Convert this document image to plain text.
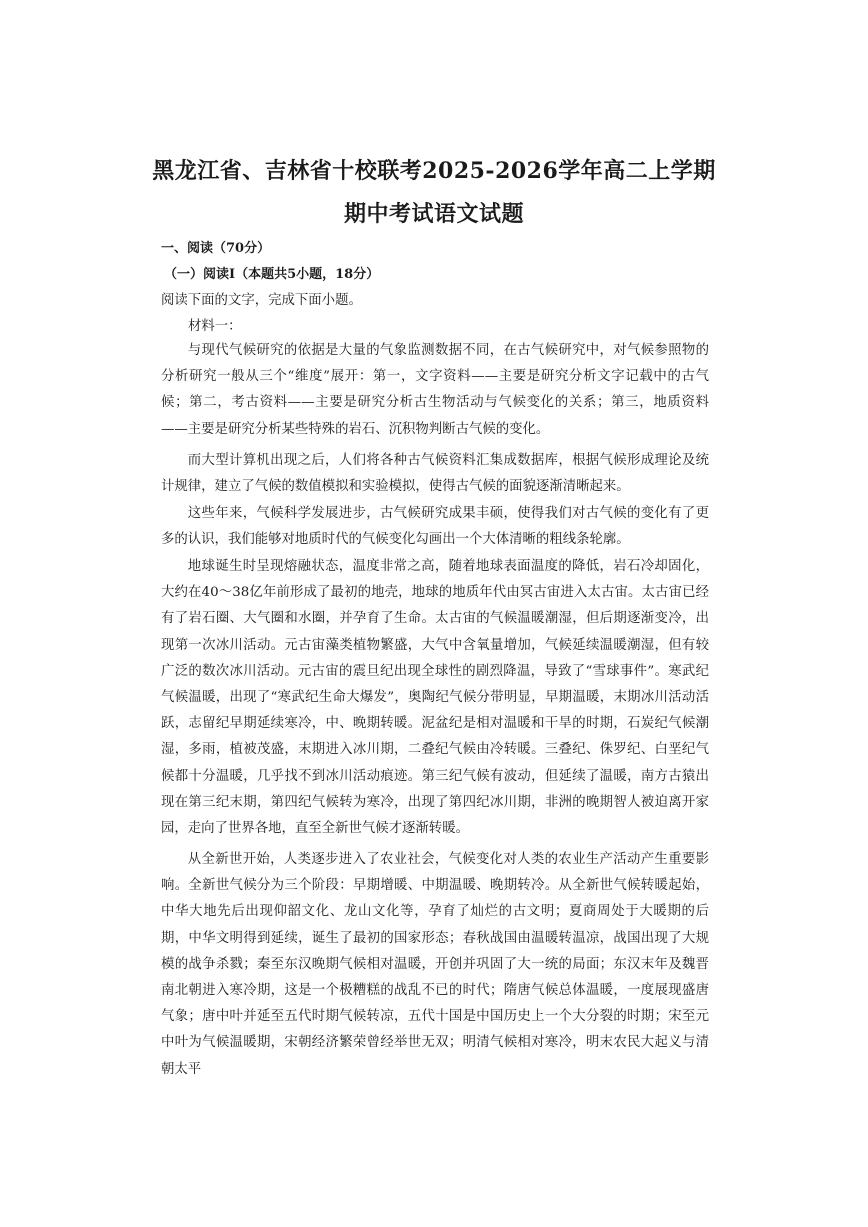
黑龙江省、吉林省十校联考2025-2026学年高二上学期
期中考试语文试题
一、阅读（70分）
（一）阅读Ⅰ（本题共5小题，18分）
阅读下面的文字，完成下面小题。
材料一：

与现代气候研究的依据是大量的气象监测数据不同，在古气候研究中，对气候参照物的分析研究一般从三个“维度”展开：第一，文字资料——主要是研究分析文字记载中的古气候；第二，考古资料——主要是研究分析古生物活动与气候变化的关系；第三，地质资料——主要是研究分析某些特殊的岩石、沉积物判断古气候的变化。

而大型计算机出现之后，人们将各种古气候资料汇集成数据库，根据气候形成理论及统计规律，建立了气候的数值模拟和实验模拟，使得古气候的面貌逐渐清晰起来。

这些年来，气候科学发展进步，古气候研究成果丰硕，使得我们对古气候的变化有了更多的认识，我们能够对地质时代的气候变化勾画出一个大体清晰的粗线条轮廓。

地球诞生时呈现熔融状态，温度非常之高，随着地球表面温度的降低，岩石冷却固化，大约在40～38亿年前形成了最初的地壳，地球的地质年代由冥古宙进入太古宙。太古宙已经有了岩石圈、大气圈和水圈，并孕育了生命。太古宙的气候温暖潮湿，但后期逐渐变冷，出现第一次冰川活动。元古宙藻类植物繁盛，大气中含氧量增加，气候延续温暖潮湿，但有较广泛的数次冰川活动。元古宙的震旦纪出现全球性的剧烈降温，导致了“雪球事件”。寒武纪气候温暖，出现了“寒武纪生命大爆发”，奥陶纪气候分带明显，早期温暖，末期冰川活动活跃，志留纪早期延续寒冷，中、晚期转暖。泥盆纪是相对温暖和干旱的时期，石炭纪气候潮湿，多雨，植被茂盛，末期进入冰川期，二叠纪气候由冷转暖。三叠纪、侏罗纪、白垩纪气候都十分温暖，几乎找不到冰川活动痕迹。第三纪气候有波动，但延续了温暖，南方古猿出现在第三纪末期，第四纪气候转为寒冷，出现了第四纪冰川期，非洲的晚期智人被迫离开家园，走向了世界各地，直至全新世气候才逐渐转暖。

从全新世开始，人类逐步进入了农业社会，气候变化对人类的农业生产活动产生重要影响。全新世气候分为三个阶段：早期增暖、中期温暖、晚期转冷。从全新世气候转暖起始，中华大地先后出现仰韶文化、龙山文化等，孕育了灿烂的古文明；夏商周处于大暖期的后期，中华文明得到延续，诞生了最初的国家形态；春秋战国由温暖转温凉，战国出现了大规模的战争杀戮；秦至东汉晚期气候相对温暖，开创并巩固了大一统的局面；东汉末年及魏晋南北朝进入寒冷期，这是一个极糟糕的战乱不已的时代；隋唐气候总体温暖，一度展现盛唐气象；唐中叶并延至五代时期气候转凉，五代十国是中国历史上一个大分裂的时期；宋至元中叶为气候温暖期，宋朝经济繁荣曾经举世无双；明清气候相对寒冷，明末农民大起义与清朝太平
